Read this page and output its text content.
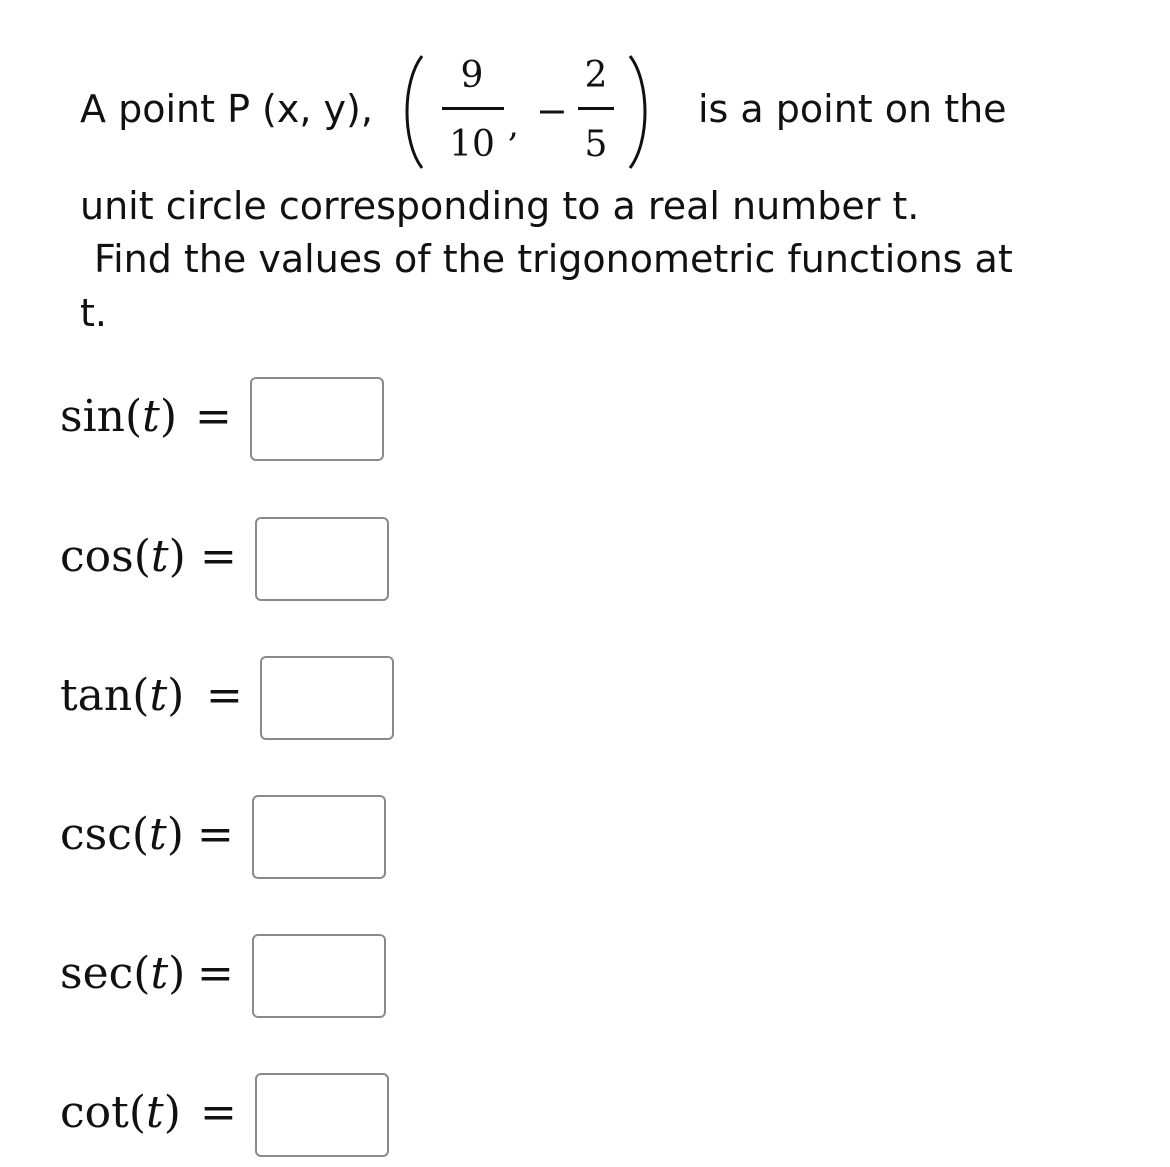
A point P (x, y),
9
10 , −
2
5
is a point on the
unit circle corresponding to a real number t.
Find the values of the trigonometric functions at
t.
sin(t) =
cos(t) =
tan(t) =
csc(t) =
sec(t) =
cot(t) =
